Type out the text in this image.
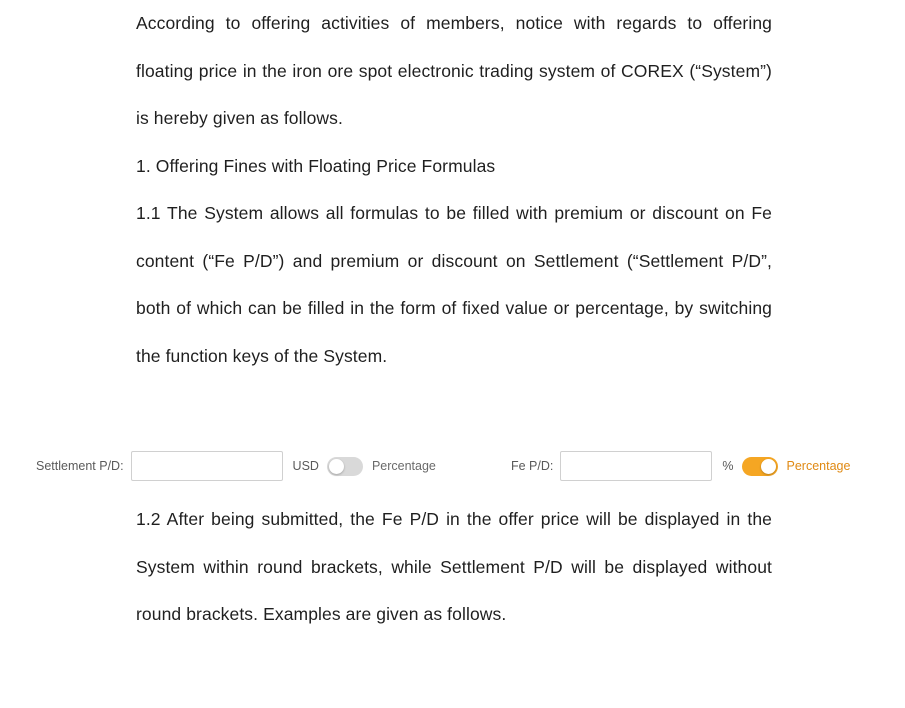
According to offering activities of members, notice with regards to offering floating price in the iron ore spot electronic trading system of COREX (“System”) is hereby given as follows.

1. Offering Fines with Floating Price Formulas

1.1 The System allows all formulas to be filled with premium or discount on Fe content (“Fe P/D”) and premium or discount on Settlement (“Settlement P/D”, both of which can be filled in the form of fixed value or percentage, by switching the function keys of the System.

Settlement P/D:	USD	Percentage	Fe P/D:	%	Percentage

1.2 After being submitted, the Fe P/D in the offer price will be displayed in the System within round brackets, while Settlement P/D will be displayed without round brackets. Examples are given as follows.
